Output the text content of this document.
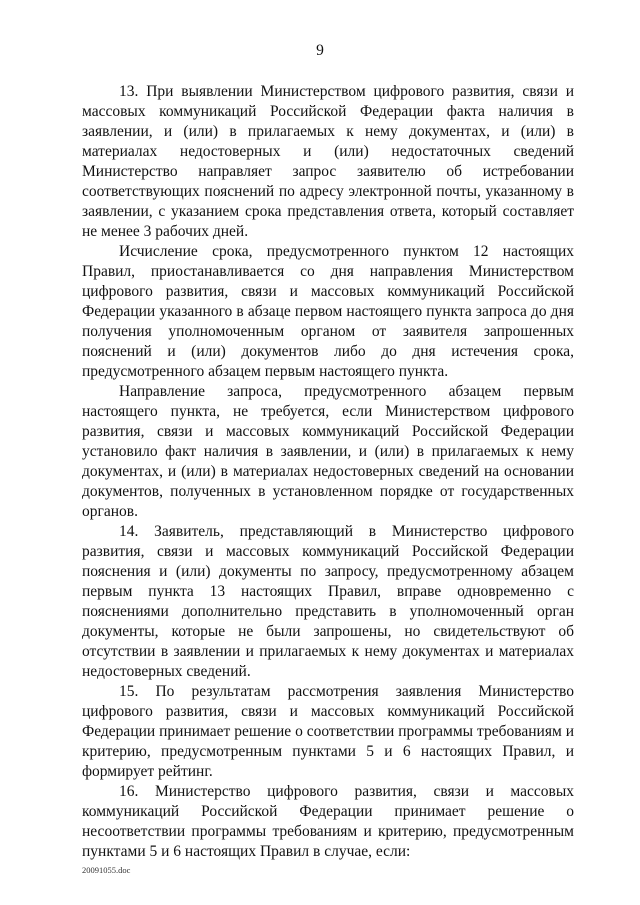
9

13. При выявлении Министерством цифрового развития, связи и массовых коммуникаций Российской Федерации факта наличия в заявлении, и (или) в прилагаемых к нему документах, и (или) в материалах недостоверных и (или) недостаточных сведений Министерство направляет запрос заявителю об истребовании соответствующих пояснений по адресу электронной почты, указанному в заявлении, с указанием срока представления ответа, который составляет не менее 3 рабочих дней.

Исчисление срока, предусмотренного пунктом 12 настоящих Правил, приостанавливается со дня направления Министерством цифрового развития, связи и массовых коммуникаций Российской Федерации указанного в абзаце первом настоящего пункта запроса до дня получения уполномоченным органом от заявителя запрошенных пояснений и (или) документов либо до дня истечения срока, предусмотренного абзацем первым настоящего пункта.

Направление запроса, предусмотренного абзацем первым настоящего пункта, не требуется, если Министерством цифрового развития, связи и массовых коммуникаций Российской Федерации установило факт наличия в заявлении, и (или) в прилагаемых к нему документах, и (или) в материалах недостоверных сведений на основании документов, полученных в установленном порядке от государственных органов.

14. Заявитель, представляющий в Министерство цифрового развития, связи и массовых коммуникаций Российской Федерации пояснения и (или) документы по запросу, предусмотренному абзацем первым пункта 13 настоящих Правил, вправе одновременно с пояснениями дополнительно представить в уполномоченный орган документы, которые не были запрошены, но свидетельствуют об отсутствии в заявлении и прилагаемых к нему документах и материалах недостоверных сведений.

15. По результатам рассмотрения заявления Министерство цифрового развития, связи и массовых коммуникаций Российской Федерации принимает решение о соответствии программы требованиям и критерию, предусмотренным пунктами 5 и 6 настоящих Правил, и формирует рейтинг.

16. Министерство цифрового развития, связи и массовых коммуникаций Российской Федерации принимает решение о несоответствии программы требованиям и критерию, предусмотренным пунктами 5 и 6 настоящих Правил в случае, если:

20091055.doc
